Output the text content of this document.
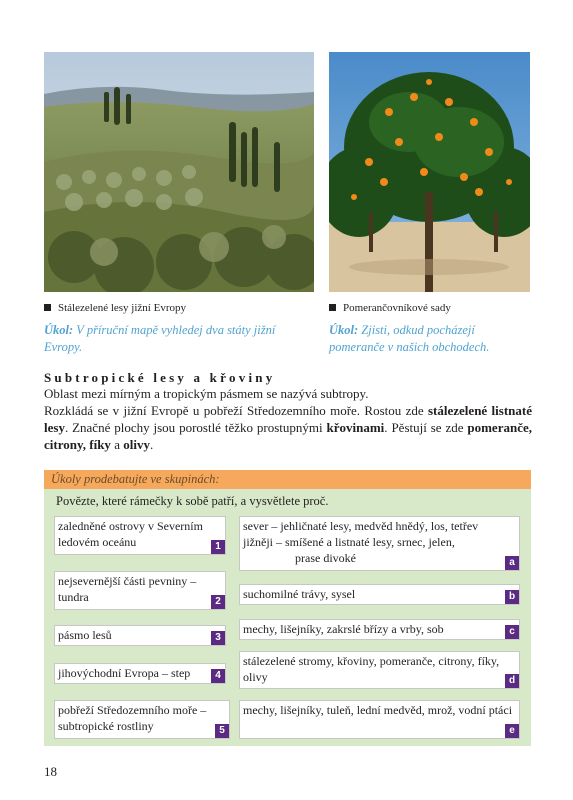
Stálezelené lesy jižní Evropy	Pomerančovníkové sady
Úkol: V příruční mapě vyhledej dva státy jižní Evropy.
Úkol: Zjisti, odkud pocházejí pomeranče v našich obchodech.
Subtropické lesy a křoviny

Oblast mezi mírným a tropickým pásmem se nazývá subtropy.

Rozkládá se v jižní Evropě u pobřeží Středozemního moře. Rostou zde stálezelené listnaté lesy. Značné plochy jsou porostlé těžko prostupnými křovinami. Pěstují se zde pomeranče, citrony, fíky a olivy.

Úkoly prodebatujte ve skupinách:
Povězte, které rámečky k sobě patří, a vysvětlete proč.
zaledněné ostrovy v Severním ledovém oceánu	1
nejsevernější části pevniny – tundra	2
pásmo lesů	3
jihovýchodní Evropa – step	4
pobřeží Středozemního moře – subtropické rostliny	5
sever – jehličnaté lesy, medvěd hnědý, los, tetřev
jižněji – smíšené a listnaté lesy, srnec, jelen,
prase divoké	a
suchomilné trávy, sysel	b
mechy, lišejníky, zakrslé břízy a vrby, sob	c
stálezelené stromy, křoviny, pomeranče, citrony, fíky, olivy	d
mechy, lišejníky, tuleň, lední medvěd, mrož, vodní ptáci
e
18
